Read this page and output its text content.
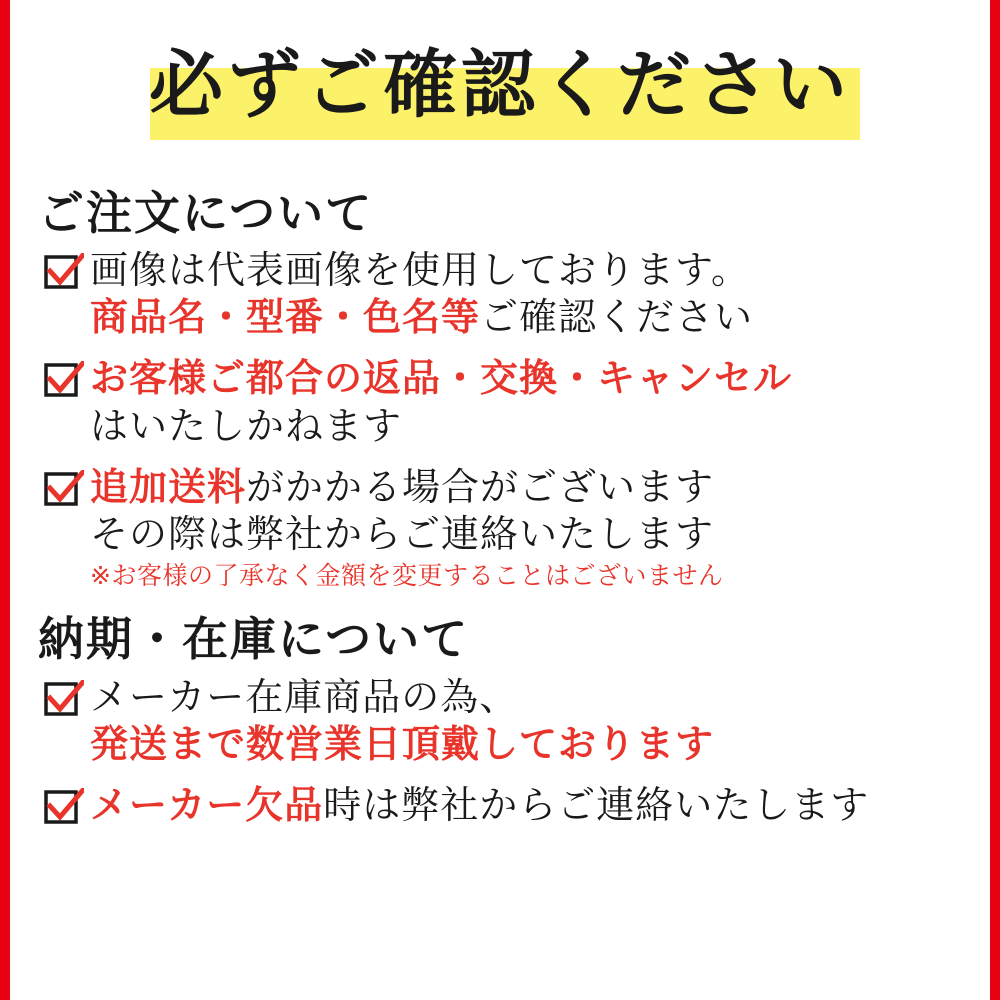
必ずご確認ください
ご注文について
画像は代表画像を使用しております。
商品名・型番・色名等ご確認ください
お客様ご都合の返品・交換・キャンセル
はいたしかねます
追加送料がかかる場合がございます
その際は弊社からご連絡いたします
※お客様の了承なく金額を変更することはございません
納期・在庫について
メーカー在庫商品の為、
発送まで数営業日頂戴しております
メーカー欠品時は弊社からご連絡いたします
